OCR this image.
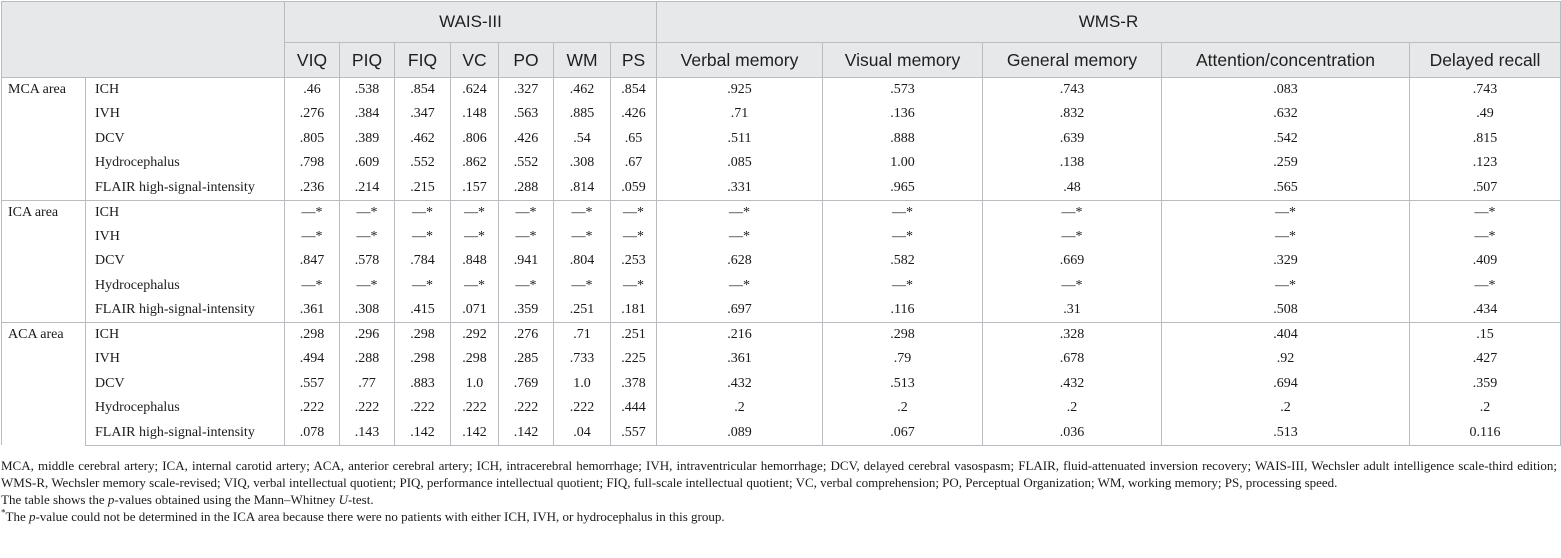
		WAIS-III							WMS-R				
		VIQ	PIQ	FIQ	VC	PO	WM	PS	Verbal memory	Visual memory	General memory	Attention/concentration	Delayed recall
MCA area	ICH	.46	.538	.854	.624	.327	.462	.854	.925	.573	.743	.083	.743
	IVH	.276	.384	.347	.148	.563	.885	.426	.71	.136	.832	.632	.49
	DCV	.805	.389	.462	.806	.426	.54	.65	.511	.888	.639	.542	.815
	Hydrocephalus	.798	.609	.552	.862	.552	.308	.67	.085	1.00	.138	.259	.123
	FLAIR high-signal-intensity	.236	.214	.215	.157	.288	.814	.059	.331	.965	.48	.565	.507
ICA area	ICH	—*	—*	—*	—*	—*	—*	—*	—*	—*	—*	—*	—*
	IVH	—*	—*	—*	—*	—*	—*	—*	—*	—*	—*	—*	—*
	DCV	.847	.578	.784	.848	.941	.804	.253	.628	.582	.669	.329	.409
	Hydrocephalus	—*	—*	—*	—*	—*	—*	—*	—*	—*	—*	—*	—*
	FLAIR high-signal-intensity	.361	.308	.415	.071	.359	.251	.181	.697	.116	.31	.508	.434
ACA area	ICH	.298	.296	.298	.292	.276	.71	.251	.216	.298	.328	.404	.15
	IVH	.494	.288	.298	.298	.285	.733	.225	.361	.79	.678	.92	.427
	DCV	.557	.77	.883	1.0	.769	1.0	.378	.432	.513	.432	.694	.359
	Hydrocephalus	.222	.222	.222	.222	.222	.222	.444	.2	.2	.2	.2	.2
	FLAIR high-signal-intensity	.078	.143	.142	.142	.142	.04	.557	.089	.067	.036	.513	0.116

MCA, middle cerebral artery; ICA, internal carotid artery; ACA, anterior cerebral artery; ICH, intracerebral hemorrhage; IVH, intraventricular hemorrhage; DCV, delayed cerebral vasospasm; FLAIR, fluid-attenuated inversion recovery; WAIS-III, Wechsler adult intelligence scale-third edition; WMS-R, Wechsler memory scale-revised; VIQ, verbal intellectual quotient; PIQ, performance intellectual quotient; FIQ, full-scale intellectual quotient; VC, verbal comprehension; PO, Perceptual Organization; WM, working memory; PS, processing speed.

The table shows the p-values obtained using the Mann–Whitney U-test.

*The p-value could not be determined in the ICA area because there were no patients with either ICH, IVH, or hydrocephalus in this group.
